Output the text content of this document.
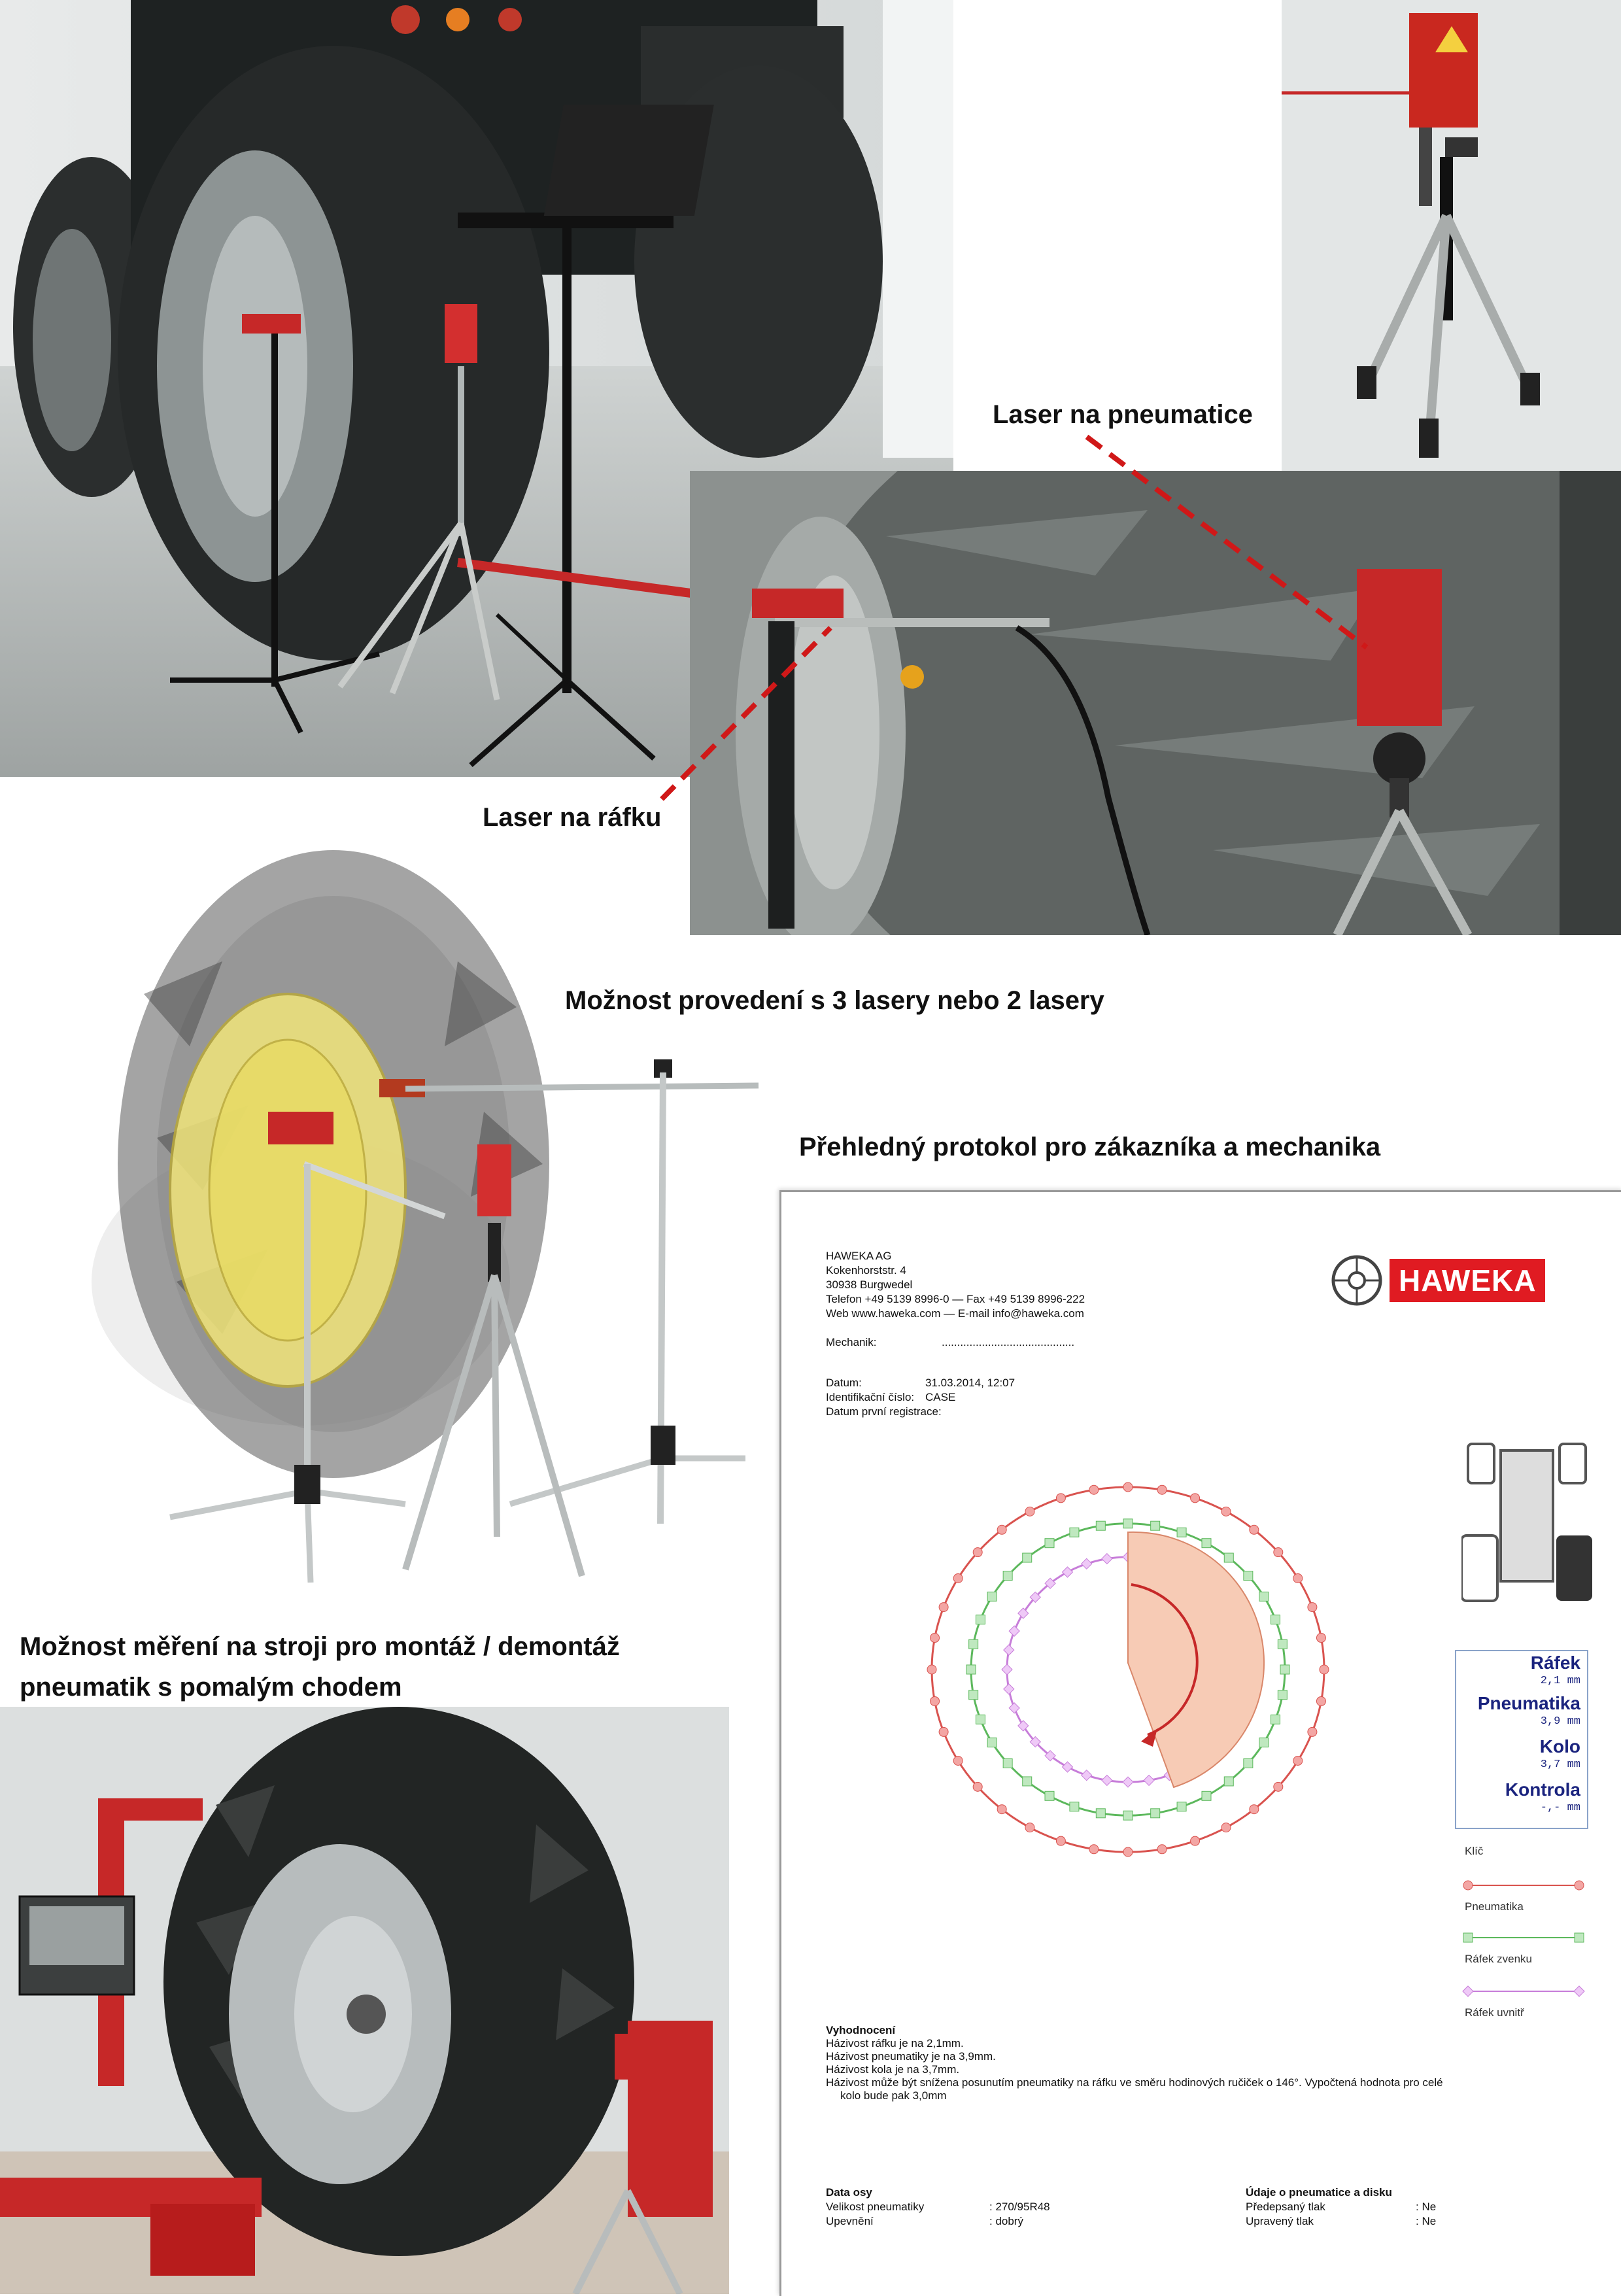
Laser na pneumatice
Laser na ráfku
Možnost provedení s 3 lasery nebo 2 lasery
Přehledný protokol pro zákazníka a mechanika
Možnost měření na stroji pro montáž / demontáž
pneumatik s pomalým chodem
HAWEKA AG
Kokenhorststr. 4
30938 Burgwedel
Telefon +49 5139 8996-0 — Fax +49 5139 8996-222
Web www.haweka.com — E-mail info@haweka.com
Mechanik:	...........................................
Datum:	31.03.2014, 12:07
Identifikační číslo: CASE
Datum první registrace:
HAWEKA
Ráfek
2,1 mm
Pneumatika
3,9 mm
Kolo
3,7 mm
Kontrola
-,- mm
Klíč
Pneumatika
Ráfek zvenku
Ráfek uvnitř
Vyhodnocení
Házivost ráfku je na 2,1mm.
Házivost pneumatiky je na 3,9mm.
Házivost kola je na 3,7mm.
Házivost může být snížena posunutím pneumatiky na ráfku ve směru hodinových ručiček o 146°. Vypočtená hodnota pro celé
kolo bude pak 3,0mm
Data osy
Velikost pneumatiky	: 270/95R48
Upevnění	: dobrý
Údaje o pneumatice a disku
Předepsaný tlak	: Ne
Upravený tlak	: Ne
